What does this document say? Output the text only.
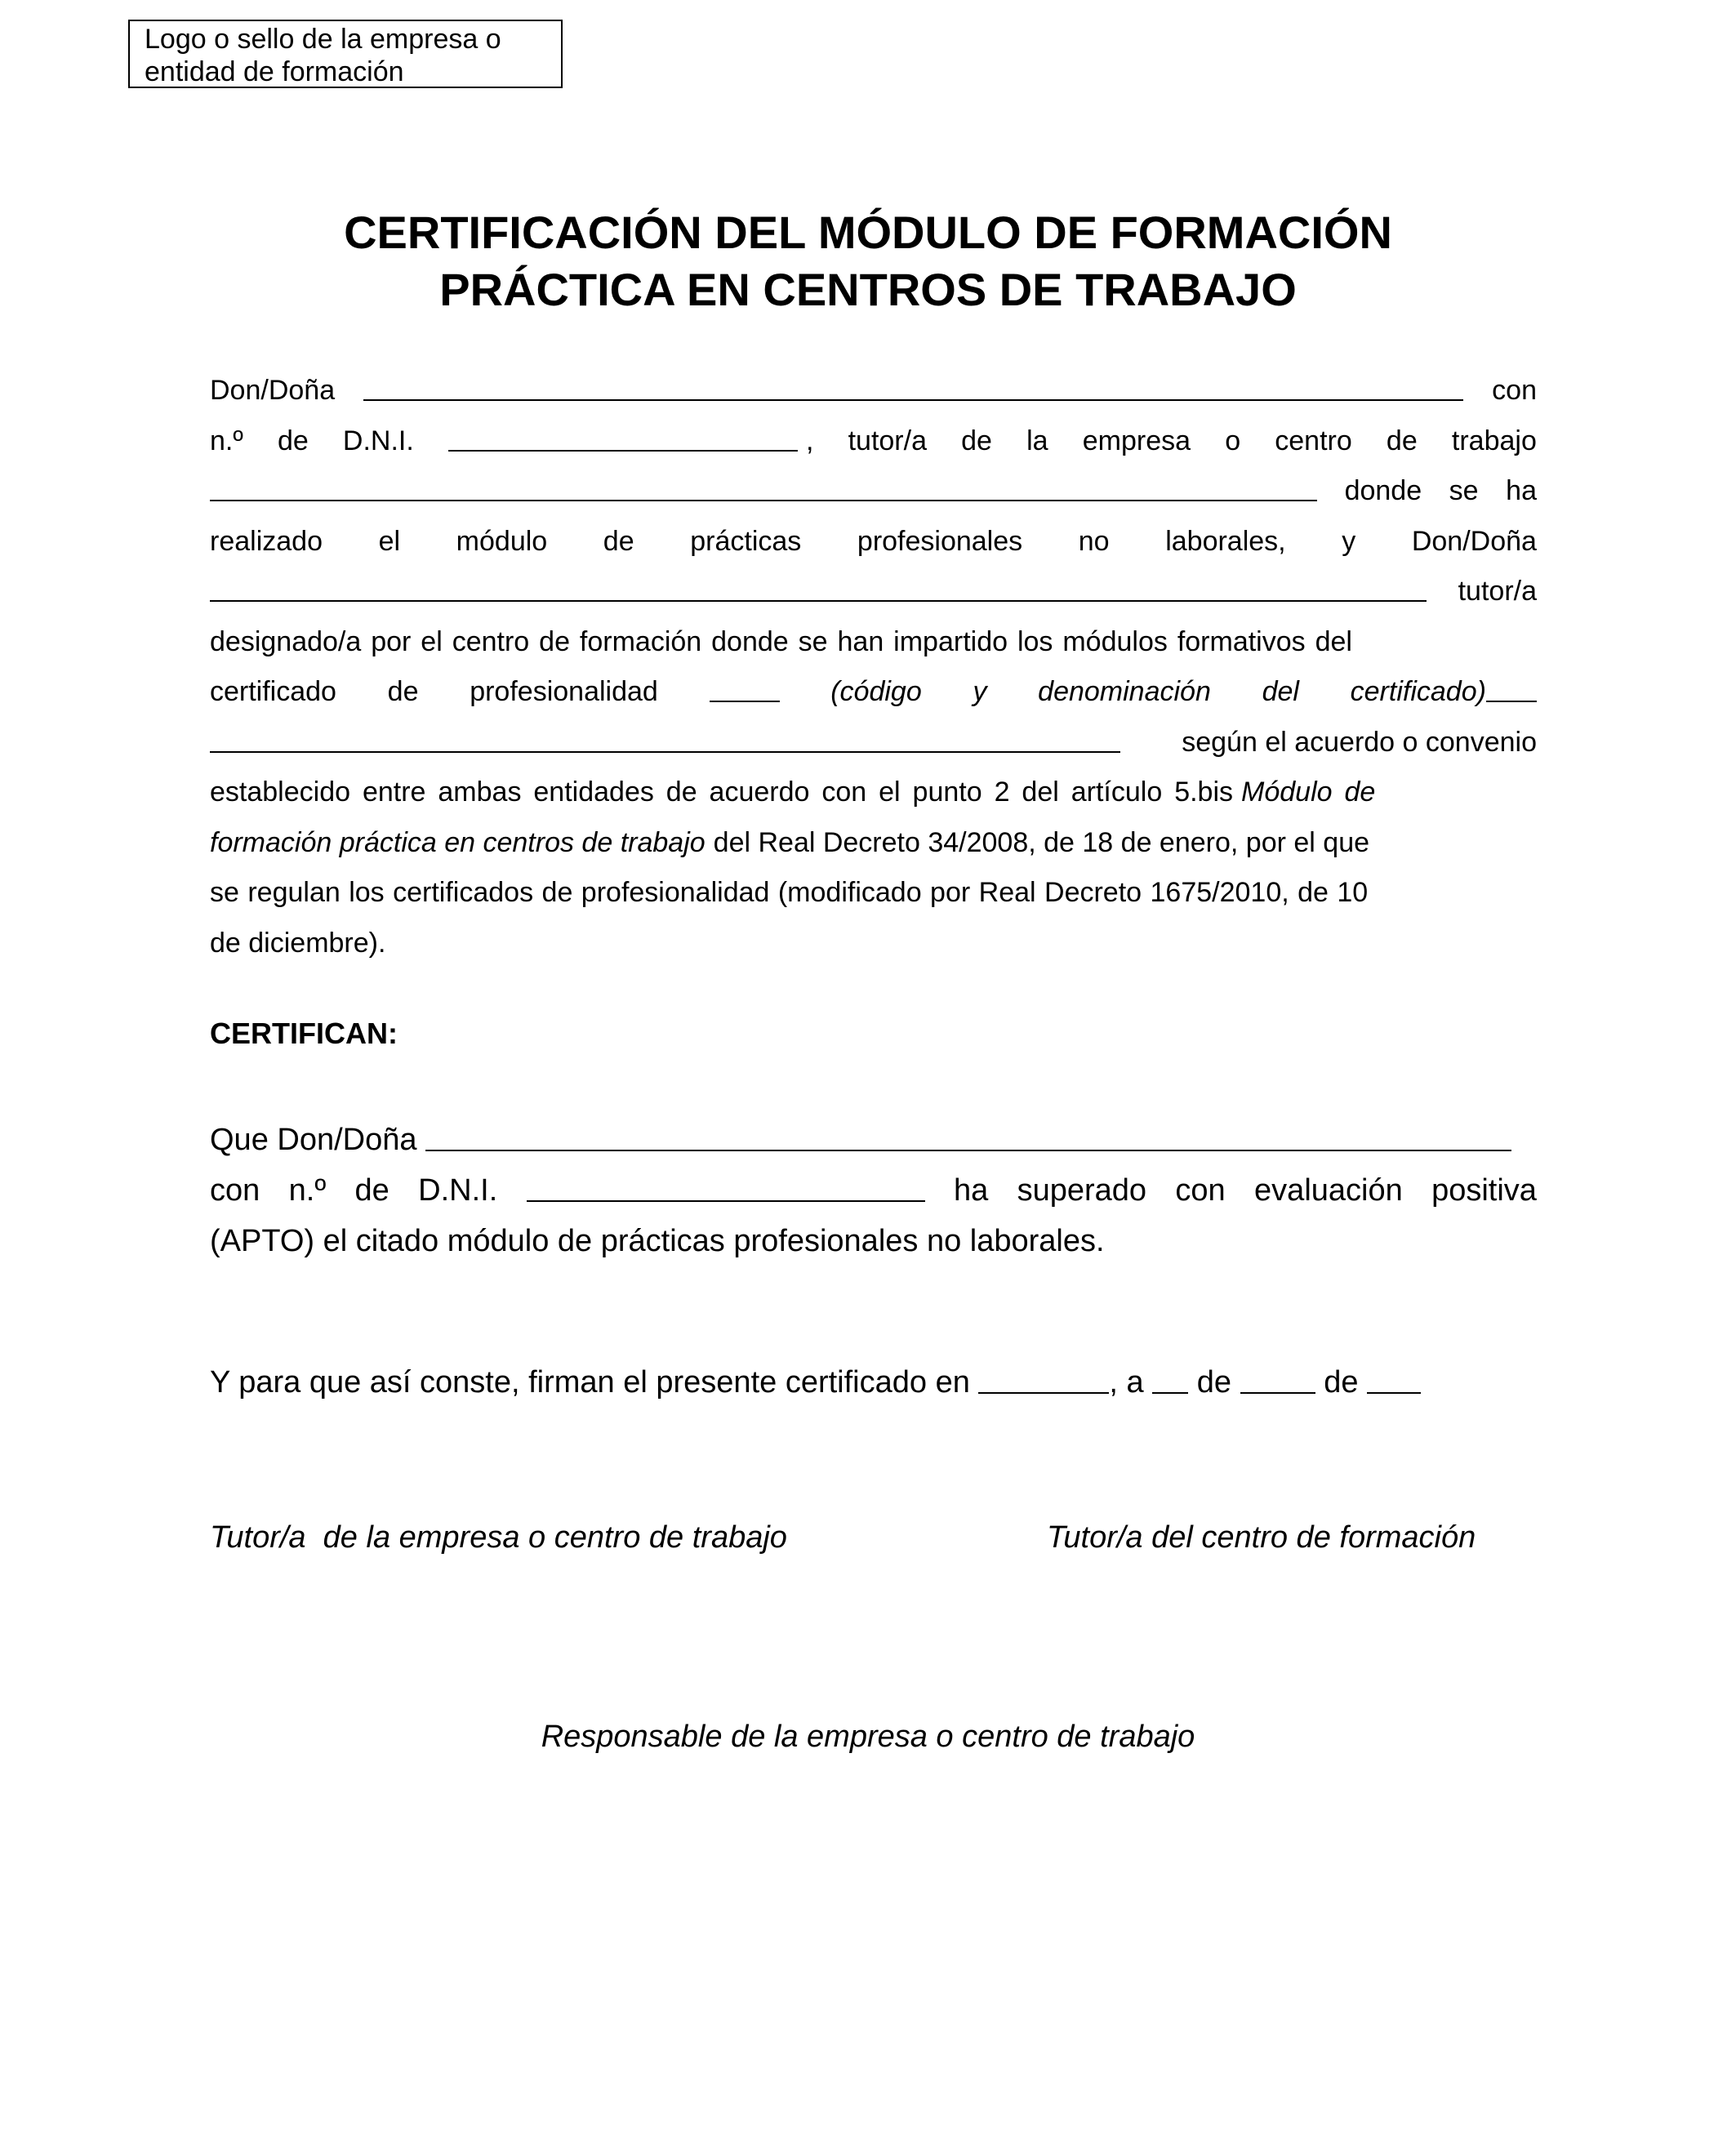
Logo o sello de la empresa o entidad de formación
CERTIFICACIÓN DEL MÓDULO DE FORMACIÓN
PRÁCTICA EN CENTROS DE TRABAJO
Don/Doña	con
n.º de D.N.I.	, tutor/a de la empresa o centro de trabajo
donde se ha
realizado el módulo de prácticas profesionales no laborales, y Don/Doña
tutor/a
designado/a por el centro de formación donde se han impartido los módulos formativos del
certificado de profesionalidad	(código y denominación del certificado)
según el acuerdo o convenio
establecido entre ambas entidades de acuerdo con el punto 2 del artículo 5.bis Módulo de
formación práctica en centros de trabajo del Real Decreto 34/2008, de 18 de enero, por el que
se regulan los certificados de profesionalidad (modificado por Real Decreto 1675/2010, de 10
de diciembre).
CERTIFICAN:
Que Don/Doña
con n.º de D.N.I.	ha superado con evaluación positiva
(APTO) el citado módulo de prácticas profesionales no laborales.
Y para que así conste, firman el presente certificado en	, a de	de
Tutor/a  de la empresa o centro de trabajo	Tutor/a del centro de formación
Responsable de la empresa o centro de trabajo
